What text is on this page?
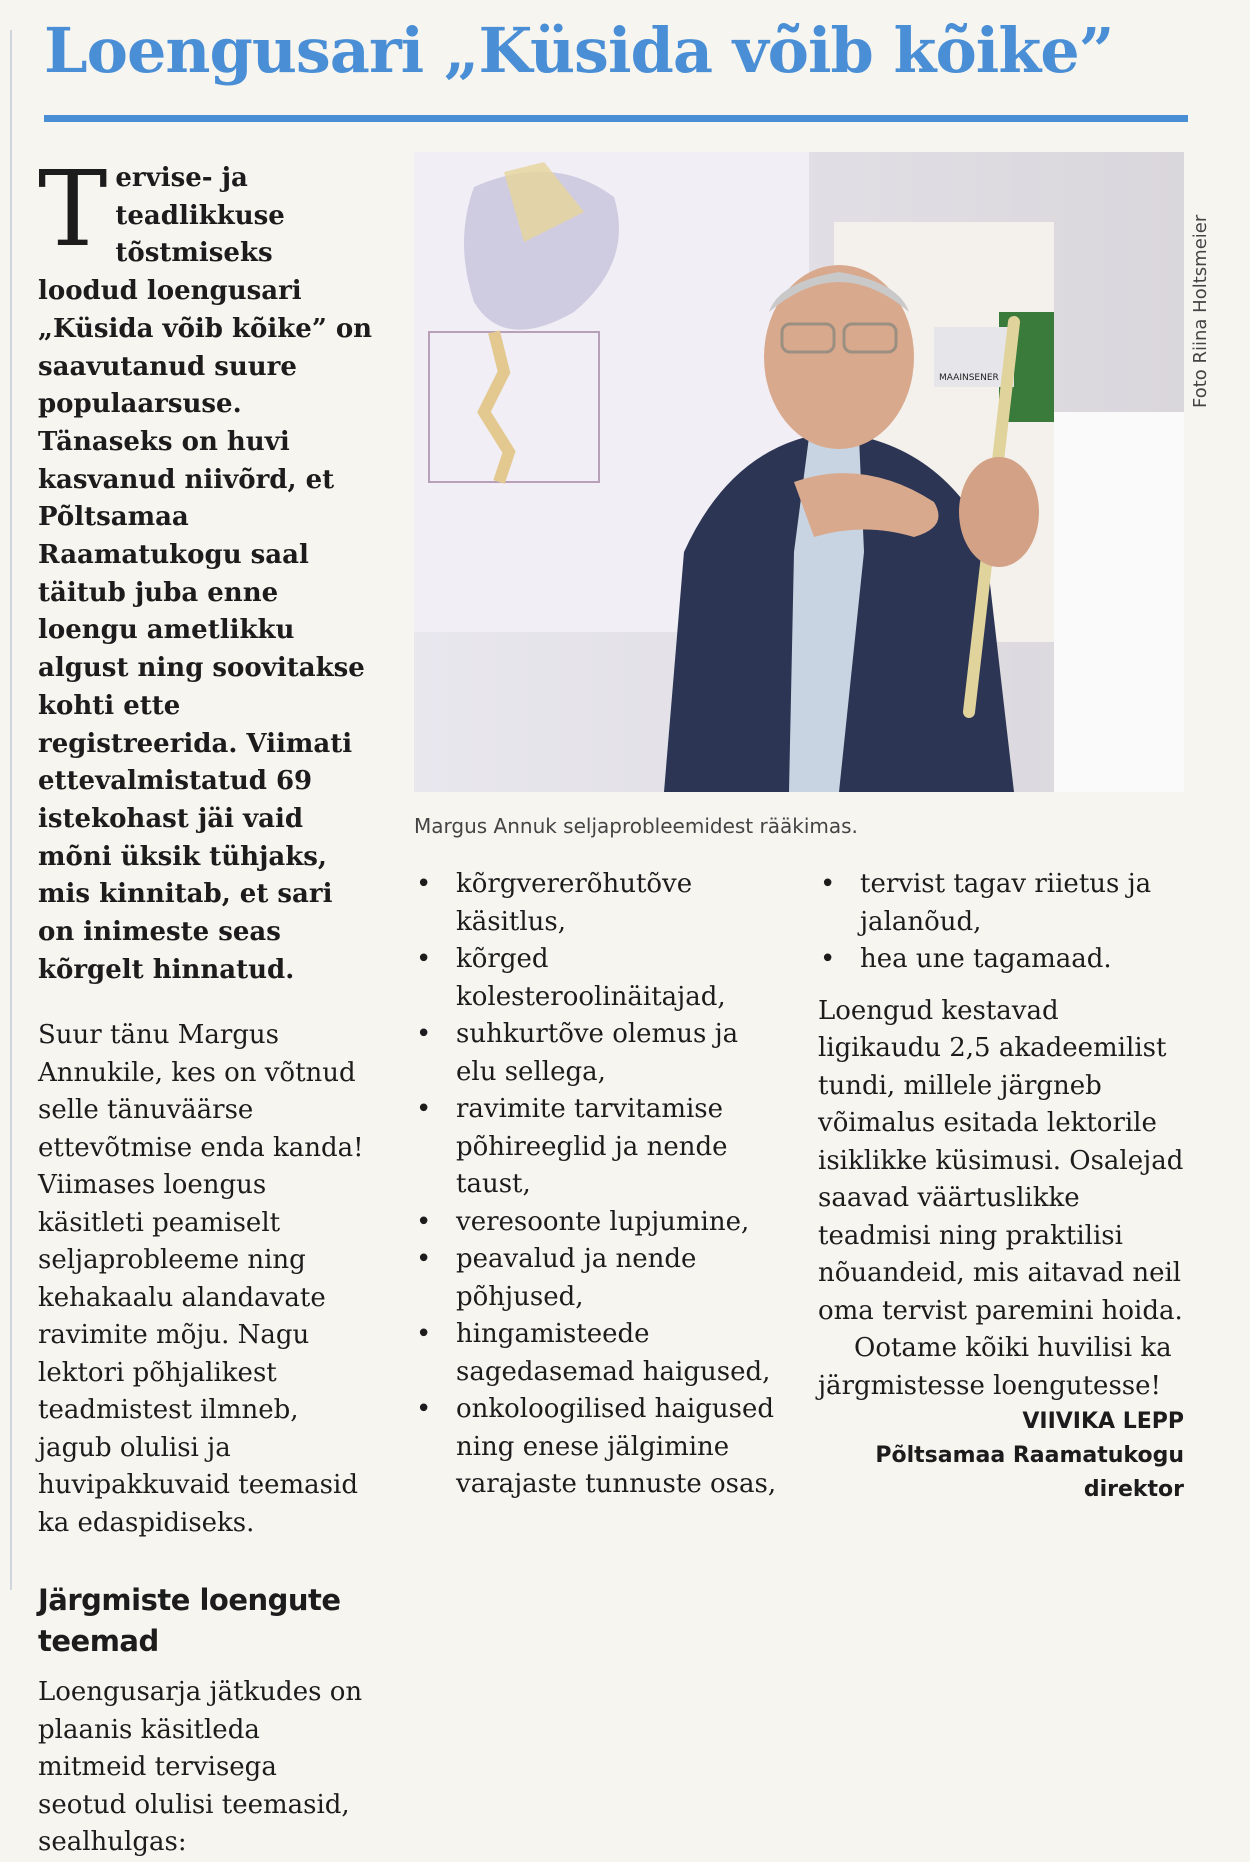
Loengusari „Küsida võib kõike”

Tervise- ja teadlikkuse tõstmiseks loodud loengusari „Küsida võib kõike” on saavutanud suure populaarsuse. Tänaseks on huvi kasvanud niivõrd, et Põltsamaa Raamatukogu saal täitub juba enne loengu ametlikku algust ning soovitakse kohti ette registreerida. Viimati ettevalmistatud 69 istekohast jäi vaid mõni üksik tühjaks, mis kinnitab, et sari on inimeste seas kõrgelt hinnatud.

Suur tänu Margus Annukile, kes on võtnud selle tänuväärse ettevõtmise enda kanda! Viimases loengus käsitleti peamiselt seljaprobleeme ning kehakaalu alandavate ravimite mõju. Nagu lektori põhjalikest teadmistest ilmneb, jagub olulisi ja huvipakkuvaid teemasid ka edaspidiseks.

Järgmiste loengute teemad

Loengusarja jätkudes on plaanis käsitleda mitmeid tervisega seotud olulisi teemasid, sealhulgas:

MAAINSENER	Foto Riina Holtsmeier

Margus Annuk seljaprobleemidest rääkimas.

• kõrgvererõhutõve käsitlus,
• kõrged kolesteroolinäitajad,
• suhkurtõve olemus ja elu sellega,
• ravimite tarvitamise põhireeglid ja nende taust,
• veresoonte lupjumine,
• peavalud ja nende põhjused,
• hingamisteede sagedasemad haigused,
• onkoloogilised haigused ning enese jälgimine varajaste tunnuste osas,
• tervist tagav riietus ja jalanõud,
• hea une tagamaad.

Loengud kestavad ligikaudu 2,5 akadeemilist tundi, millele järgneb võimalus esitada lektorile isiklikke küsimusi. Osalejad saavad väärtuslikke teadmisi ning praktilisi nõuandeid, mis aitavad neil oma tervist paremini hoida.

Ootame kõiki huvilisi ka järgmistesse loengutesse!

VIIVIKA LEPP

Põltsamaa Raamatukogu direktor
